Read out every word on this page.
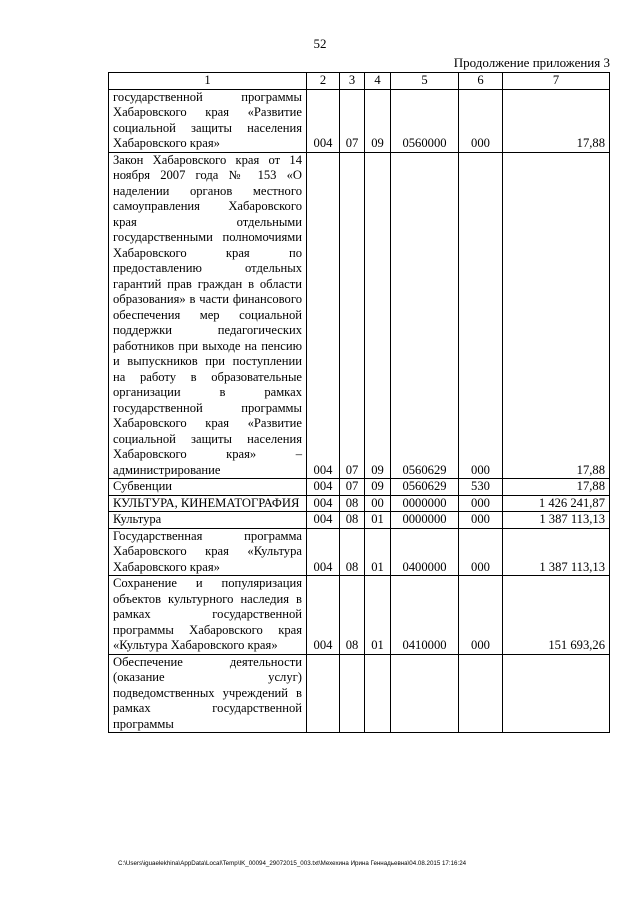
52
Продолжение приложения 3
1	2	3	4	5	6	7
государственной программы Хабаровского края «Развитие социальной защиты населения Хабаровского края»	004	07	09	0560000	000	17,88
Закон Хабаровского края от 14 ноября 2007 года № 153 «О наделении органов местного самоуправления Хабаровского края отдельными государственными полномочиями Хабаровского края по предоставлению отдельных гарантий прав граждан в области образования» в части финансового обеспечения мер социальной поддержки педагогических работников при выходе на пенсию и выпускников при поступлении на работу в образовательные организации в рамках государственной программы Хабаровского края «Развитие социальной защиты населения Хабаровского края» – администрирование	004	07	09	0560629	000	17,88
Субвенции	004	07	09	0560629	530	17,88
КУЛЬТУРА, КИНЕМАТОГРАФИЯ	004	08	00	0000000	000	1 426 241,87
Культура	004	08	01	0000000	000	1 387 113,13
Государственная программа Хабаровского края «Культура Хабаровского края»	004	08	01	0400000	000	1 387 113,13
Сохранение и популяризация объектов культурного наследия в рамках государственной программы Хабаровского края «Культура Хабаровского края»	004	08	01	0410000	000	151 693,26
Обеспечение деятельности (оказание услуг) подведомственных учреждений в рамках государственной программы						
C:\Users\iguaelekhina\AppData\Local\Temp\IK_00094_29072015_003.txt\Мехехина Ирина Геннадьевна\04.08.2015 17:16:24
